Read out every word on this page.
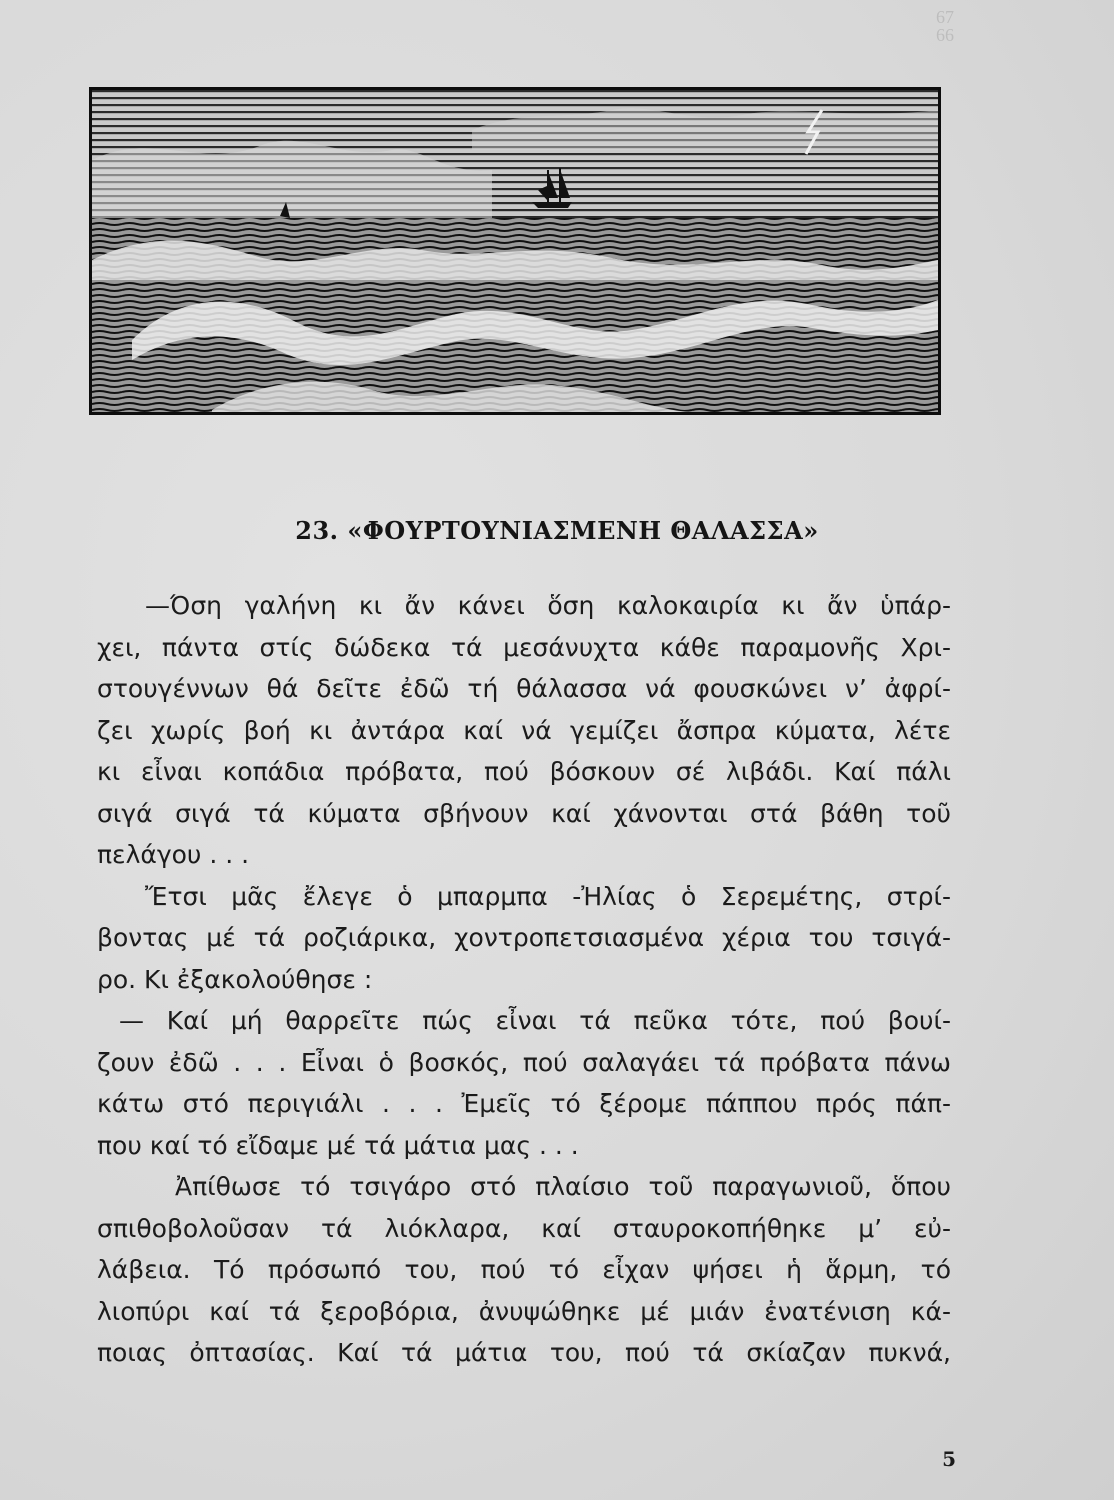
67
66
23. «ΦΟΥΡΤΟΥΝΙΑΣΜΕΝΗ ΘΑΛΑΣΣΑ»
—Όση γαλήνη κι ἄν κάνει ὅση καλοκαιρία κι ἄν ὑπάρ-
χει, πάντα στίς δώδεκα τά μεσάνυχτα κάθε παραμονῆς Χρι-
στουγέννων θά δεῖτε ἐδῶ τή θάλασσα νά φουσκώνει ν’ ἀφρί-
ζει χωρίς βοή κι ἀντάρα καί νά γεμίζει ἄσπρα κύματα, λέτε
κι εἶναι κοπάδια πρόβατα, πού βόσκουν σέ λιβάδι. Καί πάλι
σιγά σιγά τά κύματα σβήνουν καί χάνονται στά βάθη τοῦ
πελάγου . . .
Ἔτσι μᾶς ἔλεγε ὁ μπαρμπα -Ἠλίας ὁ Σερεμέτης, στρί-
βοντας μέ τά ροζιάρικα, χοντροπετσιασμένα χέρια του τσιγά-
ρο. Κι ἐξακολούθησε :
— Καί μή θαρρεῖτε πώς εἶναι τά πεῦκα τότε, πού βουί-
ζουν ἐδῶ . . . Εἶναι ὁ βοσκός, πού σαλαγάει τά πρόβατα πάνω
κάτω στό περιγιάλι . . . Ἐμεῖς τό ξέρομε πάππου πρός πάπ-
που καί τό εἴδαμε μέ τά μάτια μας . . .
Ἀπίθωσε τό τσιγάρο στό πλαίσιο τοῦ παραγωνιοῦ, ὅπου
σπιθοβολοῦσαν τά λιόκλαρα, καί σταυροκοπήθηκε μ’ εὐ-
λάβεια. Τό πρόσωπό του, πού τό εἶχαν ψήσει ἡ ἅρμη, τό
λιοπύρι καί τά ξεροβόρια, ἀνυψώθηκε μέ μιάν ἐνατένιση κά-
ποιας ὀπτασίας. Καί τά μάτια του, πού τά σκίαζαν πυκνά,
5
